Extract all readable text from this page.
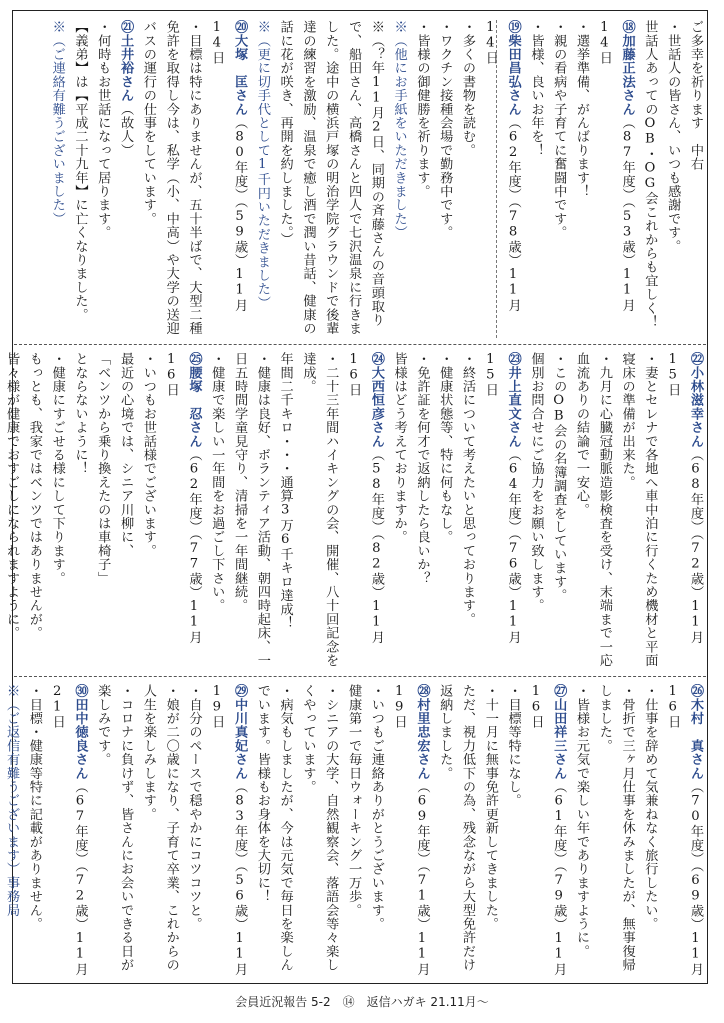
ご多幸を祈ります　中右

・世話人の皆さん、いつも感謝です。

世話人あってのOB・OG会これからも宜しく！

⑱加藤正法さん（87年度）（53歳）11月14日

・選挙準備、がんばります！

・親の看病や子育てに奮闘中です。

・皆様、良いお年を！

⑲柴田昌弘さん（62年度）（78歳）11月14日

・多くの書物を読む。

・ワクチン接種会場で勤務中です。

・皆様の御健勝を祈ります。

※（他にお手紙をいただきました）

※（？年11月2日、同期の斉藤さんの音頭取りで、船田さん、高橋さんと四人で七沢温泉に行きました。途中の横浜戸塚の明治学院グラウンドで後輩達の練習を激励、温泉で癒し酒で潤い昔話、健康の話に花が咲き、再開を約しました。）

※（更に切手代として1千円いただきました）

⑳大塚　匡さん（80年度）（59歳）11月14日

・目標は特にありませんが、五十半ばで、大型二種免許を取得し今は、私学（小、中高）や大学の送迎バスの運行の仕事をしています。

㉑土井裕さん（故人）

・何時もお世話になって居ります。

【義弟】は【平成二十九年】に亡くなりました。

※（ご連絡有難うございました）

㉒小林滋幸さん（68年度）（72歳）11月15日

・妻とセレナで各地へ車中泊に行くため機材と平面寝床の準備が出来た。

・九月に心臓冠動脈造影検査を受け、末端まで一応血流ありの結論で一安心。

・このOB会の名簿調査をしています。

個別お問合せにご協力をお願い致します。

㉓井上直文さん（64年度）（76歳）11月15日

・終活について考えたいと思っております。

・健康状態等、特に何もなし。

・免許証を何才で返納したら良いか？

皆様はどう考えておりますか。

㉔大西恒彦さん（58年度）（82歳）11月16日

・二十三年間ハイキングの会、開催、八十回記念を達成。

年間二千キロ・・・通算3万6千キロ達成！

・健康は良好、ボランティア活動、朝四時起床、一日五時間学童見守り、清掃を一年間継続。

・健康で楽しい一年間をお過ごし下さい。

㉕腰塚　忍さん（62年度）（77歳）11月16日

・いつもお世話様でございます。

最近の心境では、シニア川柳に、

「ベンツから乗り換えたのは車椅子」

とならないように！

・健康にすごせる様にして下ります。

もっとも、我家ではベンツではありませんが。

皆々様が健康でおすごしになられますように。

㉖木村　真さん（70年度）（69歳）11月16日

・仕事を辞めて気兼ねなく旅行したい。

・骨折で三ヶ月仕事を休みましたが、無事復帰しました。

・皆様お元気で楽しい年でありますように。

㉗山田祥三さん（61年度）（79歳）11月16日

・目標等特になし。

・十一月に無事免許更新してきました。

ただ、視力低下の為、残念ながら大型免許だけ返納しました。

㉘村里忠宏さん（69年度）（71歳）11月19日

・いつもご連絡ありがとうございます。

健康第一で毎日ウォーキング一万歩。

・シニアの大学、自然観察会、落語会等々楽しくやっています。

・病気もしましたが、今は元気で毎日を楽しんでいます。皆様もお身体を大切に！

㉙中川真妃さん（83年度）（56歳）11月19日

・自分のペースで穏やかにコツコツと。

・娘が二〇歳になり、子育て卒業、これからの人生を楽しみします。

・コロナに負けず、皆さんにお会いできる日が楽しみです。

㉚田中徳良さん（67年度）（72歳）11月21日

・目標・健康等特に記載がありません。

※（ご返信有難うございます）事務局

会員近況報告 5-2　⑭　返信ハガキ 21.11月～
